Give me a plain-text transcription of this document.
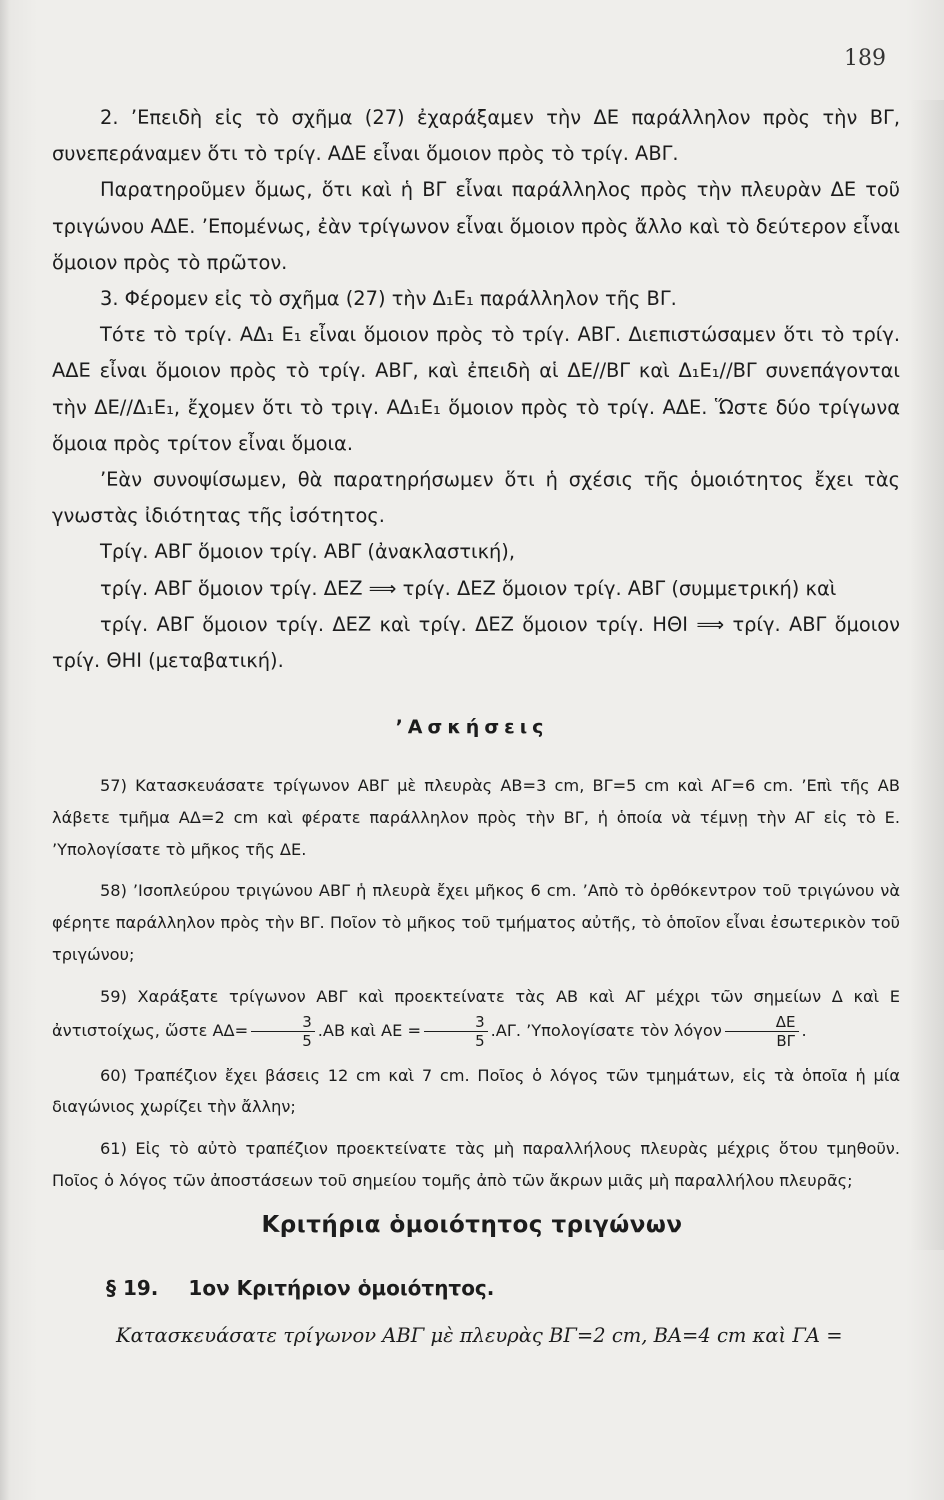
189

2. ’Επειδὴ εἰς τὸ σχῆμα (27) ἐχαράξαμεν τὴν ΔΕ παράλληλον πρὸς τὴν ΒΓ, συνεπεράναμεν ὅτι τὸ τρίγ. ΑΔΕ εἶναι ὅμοιον πρὸς τὸ τρίγ. ΑΒΓ.

Παρατηροῦμεν ὅμως, ὅτι καὶ ἡ ΒΓ εἶναι παράλληλος πρὸς τὴν πλευρὰν ΔΕ τοῦ τριγώνου ΑΔΕ. ’Επομένως, ἐὰν τρίγωνον εἶναι ὅμοιον πρὸς ἄλλο καὶ τὸ δεύτερον εἶναι ὅμοιον πρὸς τὸ πρῶτον.

3. Φέρομεν εἰς τὸ σχῆμα (27) τὴν Δ₁Ε₁ παράλληλον τῆς ΒΓ.

Τότε τὸ τρίγ. ΑΔ₁ Ε₁ εἶναι ὅμοιον πρὸς τὸ τρίγ. ΑΒΓ. Διεπιστώσαμεν ὅτι τὸ τρίγ. ΑΔΕ εἶναι ὅμοιον πρὸς τὸ τρίγ. ΑΒΓ, καὶ ἐπειδὴ αἱ ΔΕ//ΒΓ καὶ Δ₁Ε₁//ΒΓ συνεπάγονται τὴν ΔΕ//Δ₁Ε₁, ἔχομεν ὅτι τὸ τριγ. ΑΔ₁Ε₁ ὅμοιον πρὸς τὸ τρίγ. ΑΔΕ. Ὥστε δύο τρίγωνα ὅμοια πρὸς τρίτον εἶναι ὅμοια.

’Εὰν συνοψίσωμεν, θὰ παρατηρήσωμεν ὅτι ἡ σχέσις τῆς ὁμοιότητος ἔχει τὰς γνωστὰς ἰδιότητας τῆς ἰσότητος.

Τρίγ. ΑΒΓ ὅμοιον τρίγ. ΑΒΓ (ἀνακλαστική),

τρίγ. ΑΒΓ ὅμοιον τρίγ. ΔΕΖ ⟹ τρίγ. ΔΕΖ ὅμοιον τρίγ. ΑΒΓ (συμμετρική) καὶ

τρίγ. ΑΒΓ ὅμοιον τρίγ. ΔΕΖ καὶ τρίγ. ΔΕΖ ὅμοιον τρίγ. ΗΘΙ ⟹ τρίγ. ΑΒΓ ὅμοιον τρίγ. ΘΗΙ (μεταβατική).

’Ασκήσεις

57) Κατασκευάσατε τρίγωνον ΑΒΓ μὲ πλευρὰς ΑΒ=3 cm, ΒΓ=5 cm καὶ ΑΓ=6 cm. ’Επὶ τῆς ΑΒ λάβετε τμῆμα ΑΔ=2 cm καὶ φέρατε παράλληλον πρὸς τὴν ΒΓ, ἡ ὁποία νὰ τέμνῃ τὴν ΑΓ εἰς τὸ Ε. ’Υπολογίσατε τὸ μῆκος τῆς ΔΕ.

58) ’Ισοπλεύρου τριγώνου ΑΒΓ ἡ πλευρὰ ἔχει μῆκος 6 cm. ’Απὸ τὸ ὀρθόκεντρον τοῦ τριγώνου νὰ φέρητε παράλληλον πρὸς τὴν ΒΓ. Ποῖον τὸ μῆκος τοῦ τμήματος αὐτῆς, τὸ ὁποῖον εἶναι ἐσωτερικὸν τοῦ τριγώνου;

59) Χαράξατε τρίγωνον ΑΒΓ καὶ προεκτείνατε τὰς ΑΒ καὶ ΑΓ μέχρι τῶν σημείων Δ καὶ Ε ἀντιστοίχως, ὥστε $A\Delta= \frac{3}{5} .AB$ καὶ $AE = \frac{3}{5} .A\Gamma$. ’Υπολογίσατε τὸν λόγον $\frac{\Delta E}{B\Gamma}$ .

60) Τραπέζιον ἔχει βάσεις 12 cm καὶ 7 cm. Ποῖος ὁ λόγος τῶν τμημάτων, εἰς τὰ ὁποῖα ἡ μία διαγώνιος χωρίζει τὴν ἄλλην;

61) Εἰς τὸ αὐτὸ τραπέζιον προεκτείνατε τὰς μὴ παραλλήλους πλευρὰς μέχρις ὅτου τμηθοῦν. Ποῖος ὁ λόγος τῶν ἀποστάσεων τοῦ σημείου τομῆς ἀπὸ τῶν ἄκρων μιᾶς μὴ παραλλήλου πλευρᾶς;

Κριτήρια ὁμοιότητος τριγώνων
§ 19. 1ον Κριτήριον ὁμοιότητος.
Κατασκευάσατε τρίγωνον ΑΒΓ μὲ πλευρὰς ΒΓ=2 cm, ΒΑ=4 cm καὶ ΓΑ =
